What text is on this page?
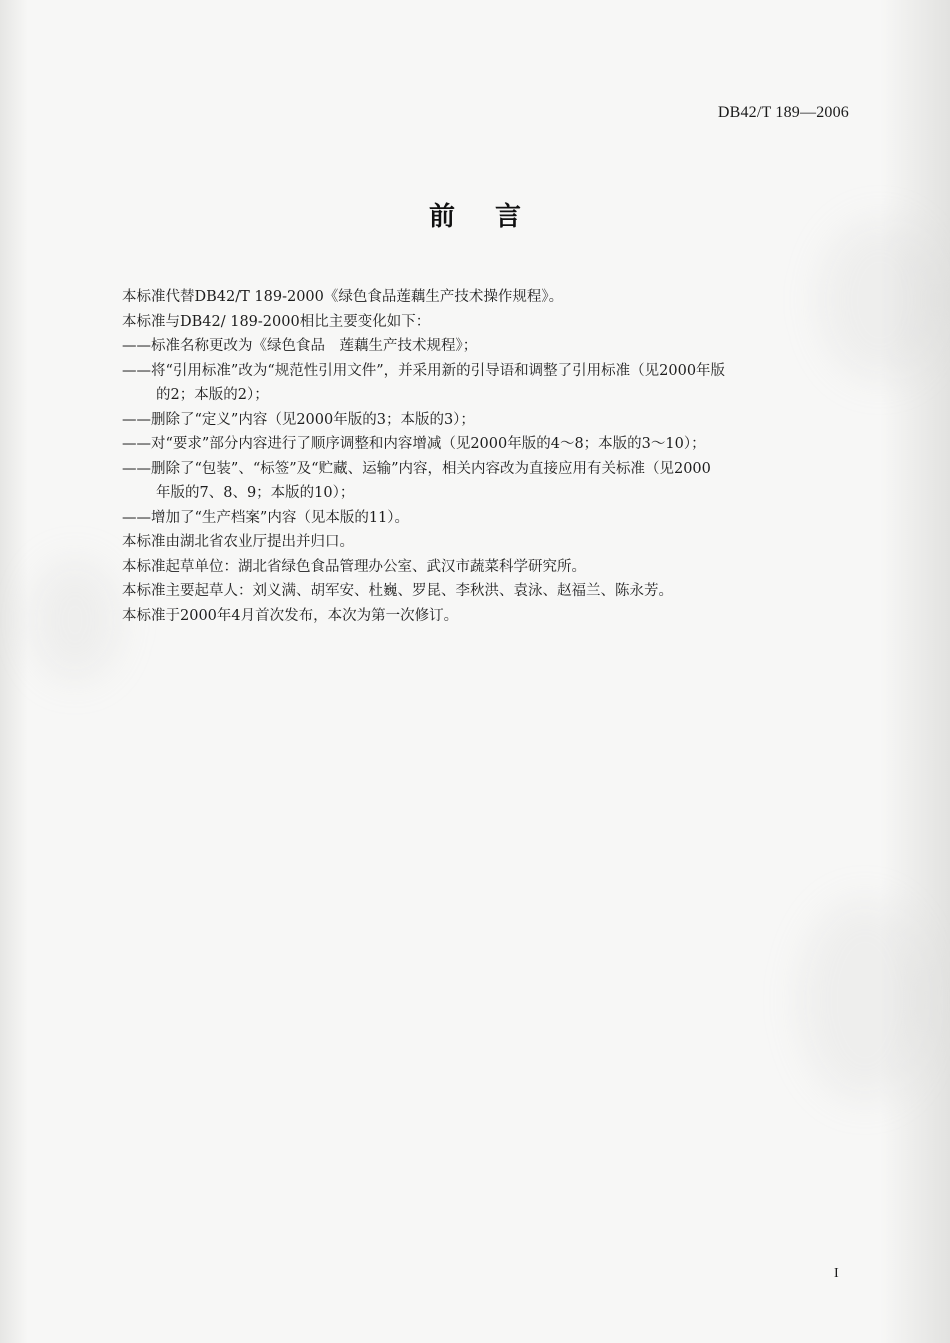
DB42/T 189—2006
前 言
本标准代替DB42/T 189-2000《绿色食品莲藕生产技术操作规程》。
本标准与DB42/ 189-2000相比主要变化如下：
——标准名称更改为《绿色食品　莲藕生产技术规程》；
——将“引用标准”改为“规范性引用文件”，并采用新的引导语和调整了引用标准（见2000年版
的2；本版的2）；
——删除了“定义”内容（见2000年版的3；本版的3）；
——对“要求”部分内容进行了顺序调整和内容增减（见2000年版的4～8；本版的3～10）；
——删除了“包装”、“标签”及“贮藏、运输”内容，相关内容改为直接应用有关标准（见2000
年版的7、8、9；本版的10）；
——增加了“生产档案”内容（见本版的11）。
本标准由湖北省农业厅提出并归口。
本标准起草单位：湖北省绿色食品管理办公室、武汉市蔬菜科学研究所。
本标准主要起草人：刘义满、胡军安、杜巍、罗昆、李秋洪、袁泳、赵福兰、陈永芳。
本标准于2000年4月首次发布，本次为第一次修订。
I
